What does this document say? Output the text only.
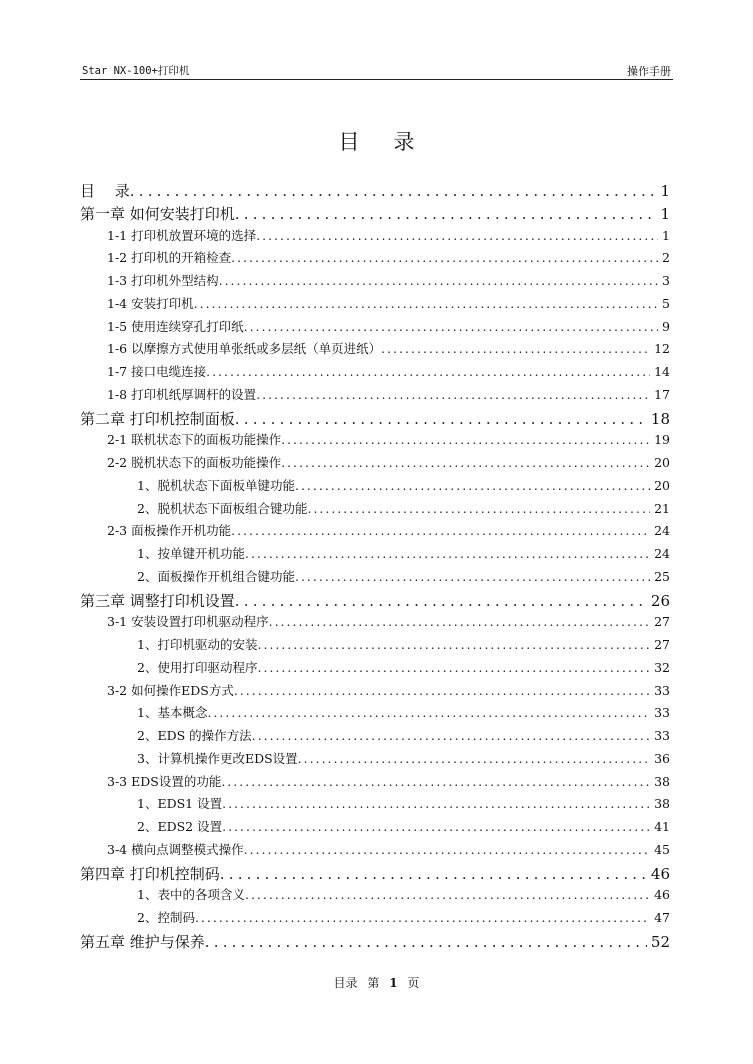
Star NX-100+打印机	操作手册
目录
目　 录 .....	1
第一章 如何安装打印机 .....	1
1-1 打印机放置环境的选择 .....	1
1-2 打印机的开箱检查 .....	2
1-3 打印机外型结构 .....	3
1-4 安装打印机 .....	5
1-5 使用连续穿孔打印纸 .....	9
1-6 以摩擦方式使用单张纸或多层纸（单页进纸） .....	12
1-7 接口电缆连接 .....	14
1-8 打印机纸厚调杆的设置 .....	17
第二章 打印机控制面板 .....	18
2-1 联机状态下的面板功能操作 .....	19
2-2 脱机状态下的面板功能操作 .....	20
1、脱机状态下面板单键功能 .....	20
2、脱机状态下面板组合键功能 .....	21
2-3 面板操作开机功能 .....	24
1、按单键开机功能 .....	24
2、面板操作开机组合键功能 .....	25
第三章 调整打印机设置 .....	26
3-1 安装设置打印机驱动程序 .....	27
1、打印机驱动的安装 .....	27
2、使用打印驱动程序 .....	32
3-2 如何操作EDS方式 .....	33
1、基本概念 .....	33
2、EDS 的操作方法 .....	33
3、计算机操作更改EDS设置 .....	36
3-3 EDS设置的功能 .....	38
1、EDS1 设置 .....	38
2、EDS2 设置 .....	41
3-4 横向点调整模式操作 .....	45
第四章 打印机控制码 .....	46
1、表中的各项含义 .....	46
2、控制码 .....	47
第五章 维护与保养 .....	52
目录 第 1 页
